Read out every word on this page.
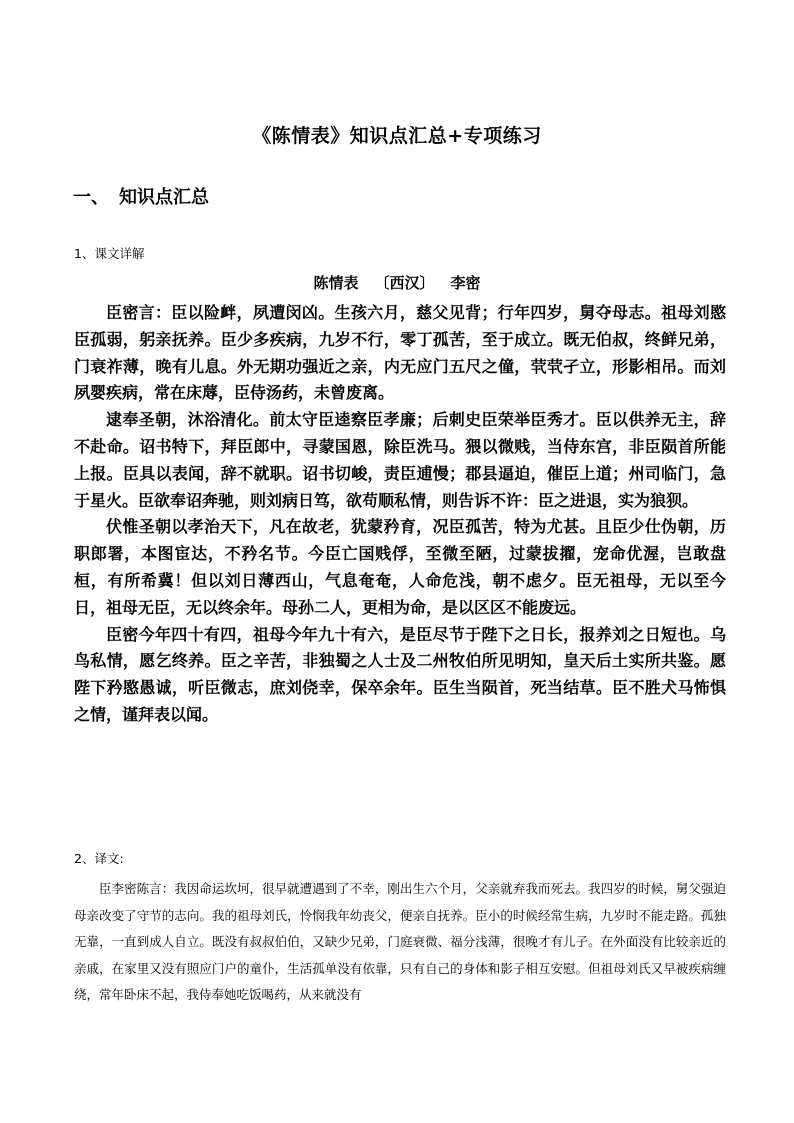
《陈情表》知识点汇总+专项练习
一、 知识点汇总
1、课文详解
陈情表 〔西汉〕 李密

臣密言：臣以险衅，夙遭闵凶。生孩六月，慈父见背；行年四岁，舅夺母志。祖母刘愍臣孤弱，躬亲抚养。臣少多疾病，九岁不行，零丁孤苦，至于成立。既无伯叔，终鲜兄弟，门衰祚薄，晚有儿息。外无期功强近之亲，内无应门五尺之僮，茕茕孑立，形影相吊。而刘夙婴疾病，常在床蓐，臣侍汤药，未曾废离。

逮奉圣朝，沐浴清化。前太守臣逵察臣孝廉；后刺史臣荣举臣秀才。臣以供养无主，辞不赴命。诏书特下，拜臣郎中，寻蒙国恩，除臣洗马。猥以微贱，当侍东宫，非臣陨首所能上报。臣具以表闻，辞不就职。诏书切峻，责臣逋慢；郡县逼迫，催臣上道；州司临门，急于星火。臣欲奉诏奔驰，则刘病日笃，欲苟顺私情，则告诉不许：臣之进退，实为狼狈。

伏惟圣朝以孝治天下，凡在故老，犹蒙矜育，况臣孤苦，特为尤甚。且臣少仕伪朝，历职郎署，本图宦达，不矜名节。今臣亡国贱俘，至微至陋，过蒙拔擢，宠命优渥，岂敢盘桓，有所希冀！但以刘日薄西山，气息奄奄，人命危浅，朝不虑夕。臣无祖母，无以至今日，祖母无臣，无以终余年。母孙二人，更相为命，是以区区不能废远。

臣密今年四十有四，祖母今年九十有六，是臣尽节于陛下之日长，报养刘之日短也。乌鸟私情，愿乞终养。臣之辛苦，非独蜀之人士及二州牧伯所见明知，皇天后土实所共鉴。愿陛下矜愍愚诚，听臣微志，庶刘侥幸，保卒余年。臣生当陨首，死当结草。臣不胜犬马怖惧之情，谨拜表以闻。

2、译文:

臣李密陈言：我因命运坎坷，很早就遭遇到了不幸，刚出生六个月，父亲就弃我而死去。我四岁的时候，舅父强迫母亲改变了守节的志向。我的祖母刘氏，怜悯我年幼丧父，便亲自抚养。臣小的时候经常生病，九岁时不能走路。孤独无靠，一直到成人自立。既没有叔叔伯伯，又缺少兄弟，门庭衰微、福分浅薄，很晚才有儿子。在外面没有比较亲近的亲戚，在家里又没有照应门户的童仆，生活孤单没有依靠，只有自己的身体和影子相互安慰。但祖母刘氏又早被疾病缠绕，常年卧床不起，我侍奉她吃饭喝药，从来就没有
